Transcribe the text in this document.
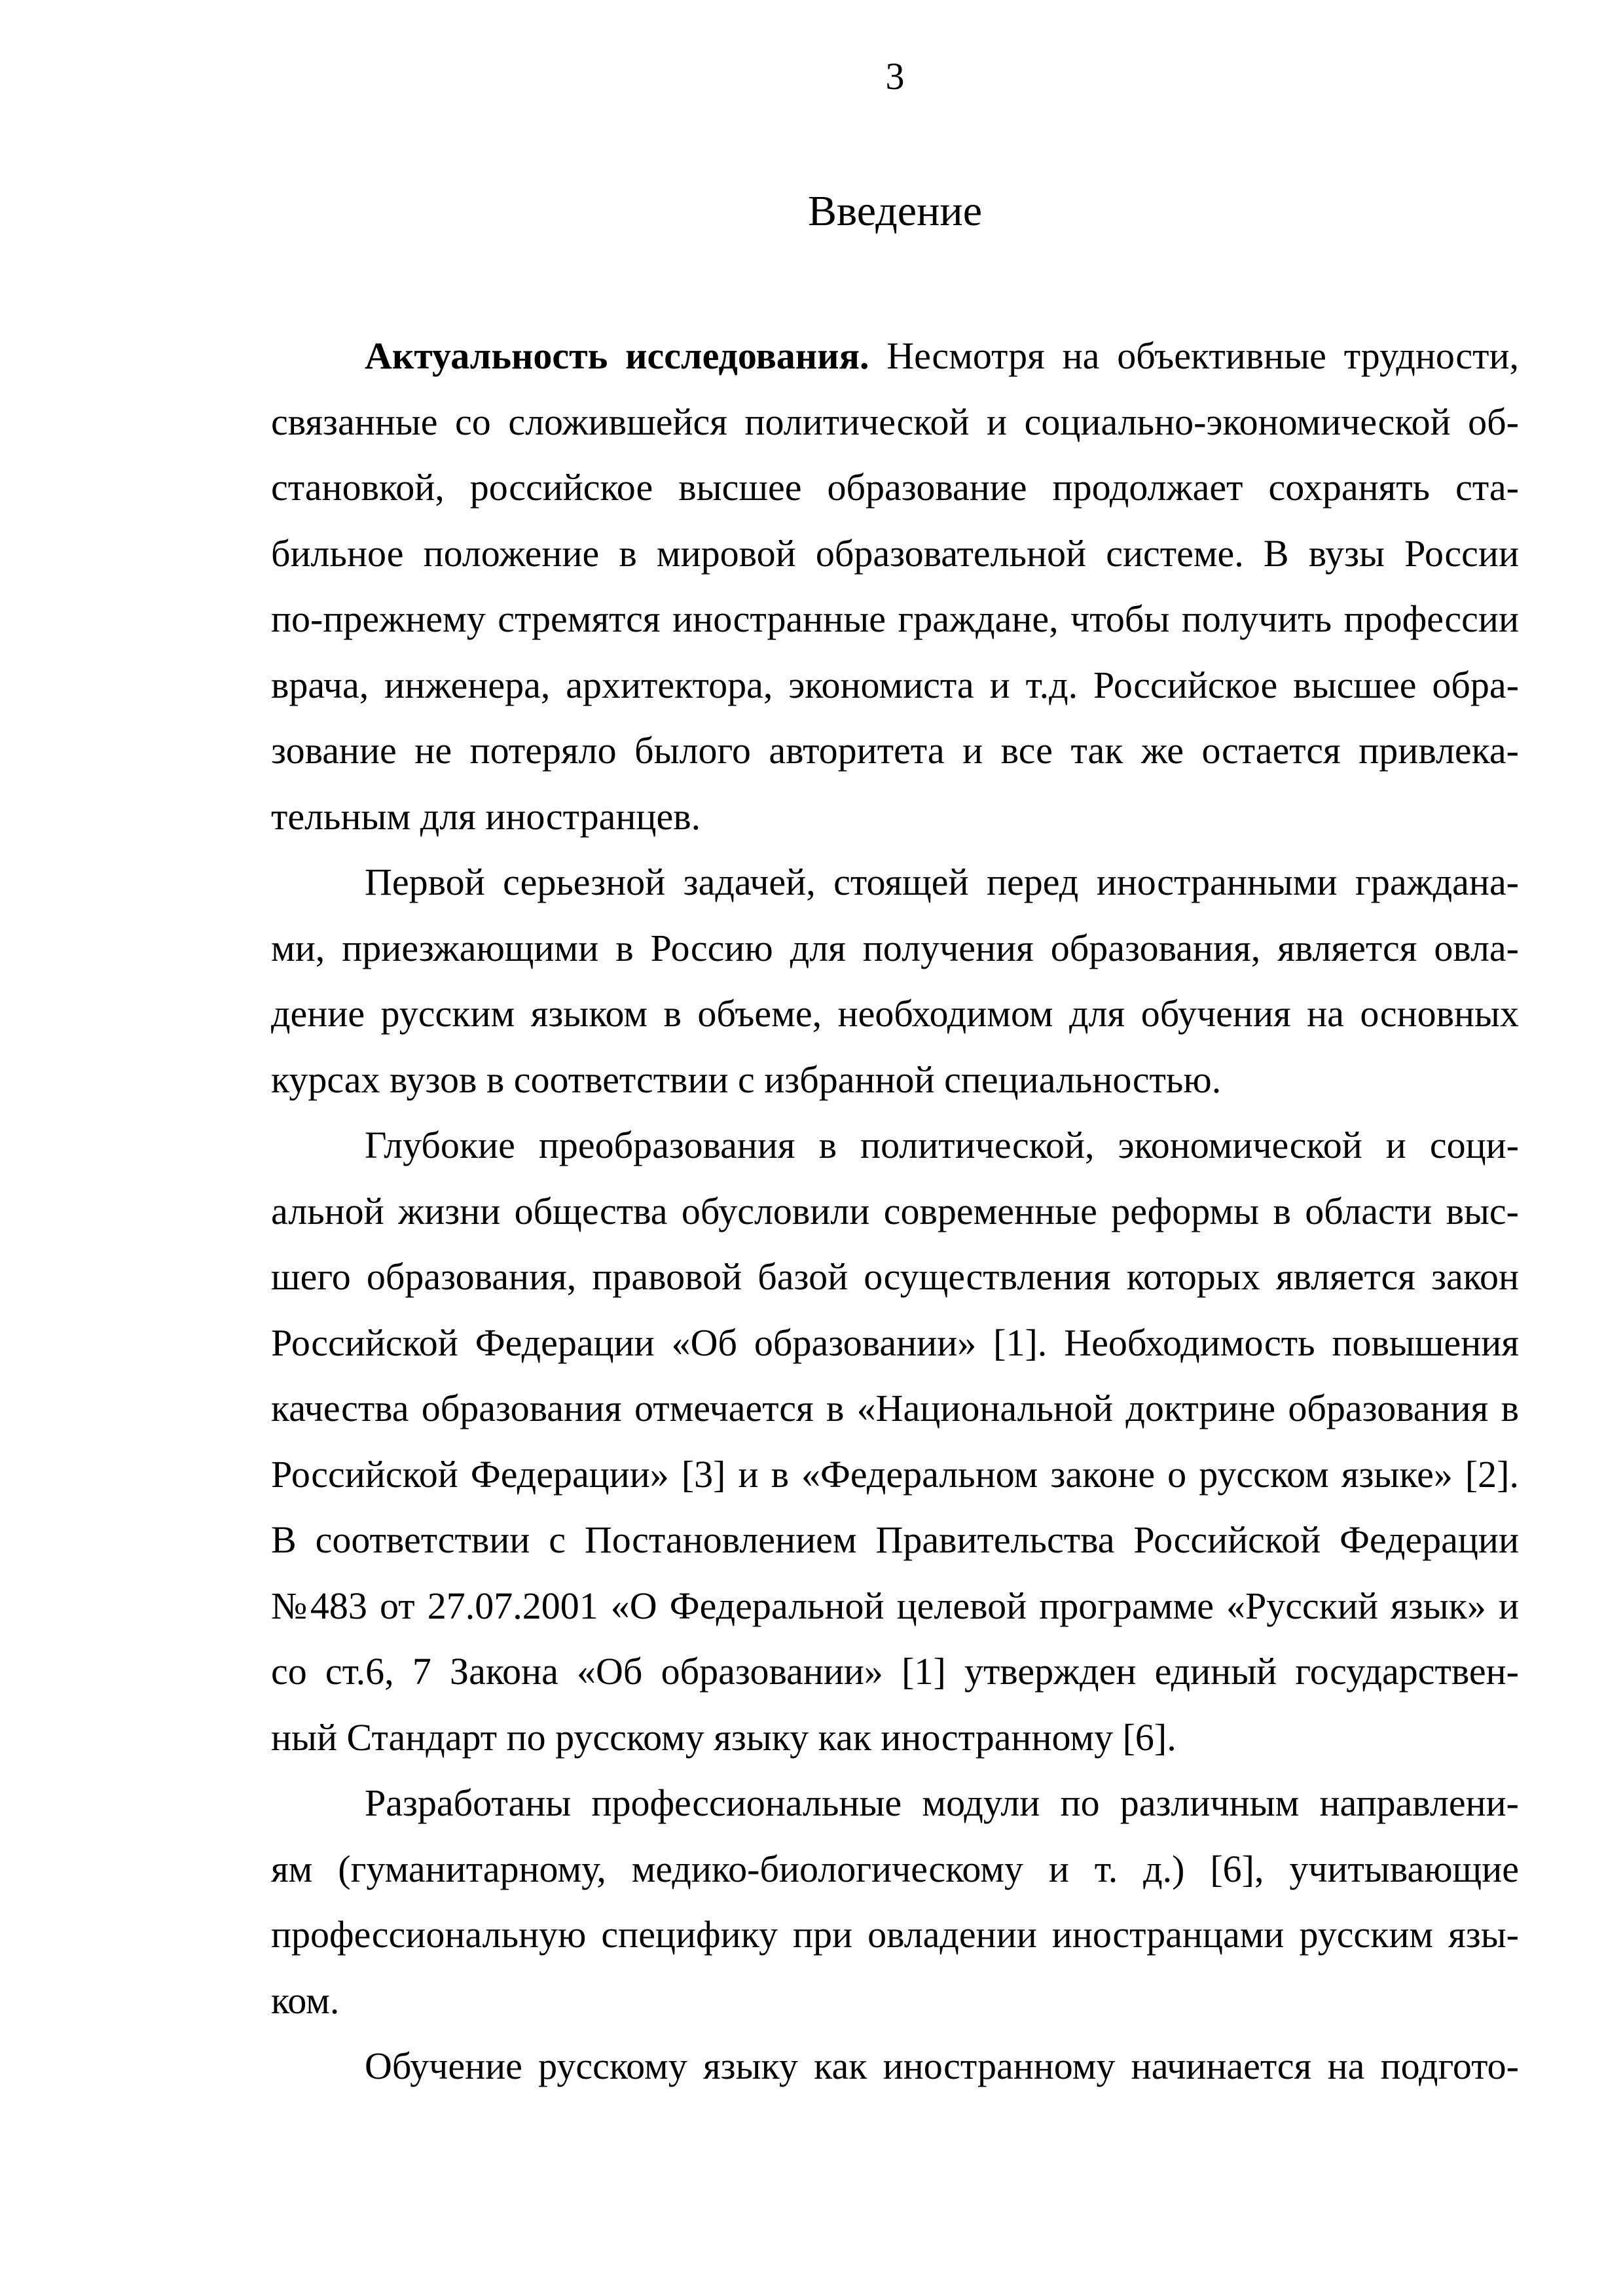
3
Введение
Актуальность исследования. Несмотря на объективные трудности,
связанные со сложившейся политической и социально-экономической об-
становкой, российское высшее образование продолжает сохранять ста-
бильное положение в мировой образовательной системе. В вузы России
по-прежнему стремятся иностранные граждане, чтобы получить профессии
врача, инженера, архитектора, экономиста и т.д. Российское высшее обра-
зование не потеряло былого авторитета и все так же остается привлека-
тельным для иностранцев.
Первой серьезной задачей, стоящей перед иностранными граждана-
ми, приезжающими в Россию для получения образования, является овла-
дение русским языком в объеме, необходимом для обучения на основных
курсах вузов в соответствии с избранной специальностью.
Глубокие преобразования в политической, экономической и соци-
альной жизни общества обусловили современные реформы в области выс-
шего образования, правовой базой осуществления которых является закон
Российской Федерации «Об образовании» [1]. Необходимость повышения
качества образования отмечается в «Национальной доктрине образования в
Российской Федерации» [3] и в «Федеральном законе о русском языке» [2].
В соответствии с Постановлением Правительства Российской Федерации
№483 от 27.07.2001 «О Федеральной целевой программе «Русский язык» и
со ст.6, 7 Закона «Об образовании» [1] утвержден единый государствен-
ный Стандарт по русскому языку как иностранному [6].
Разработаны профессиональные модули по различным направлени-
ям (гуманитарному, медико-биологическому и т. д.) [6], учитывающие
профессиональную специфику при овладении иностранцами русским язы-
ком.
Обучение русскому языку как иностранному начинается на подгото-
